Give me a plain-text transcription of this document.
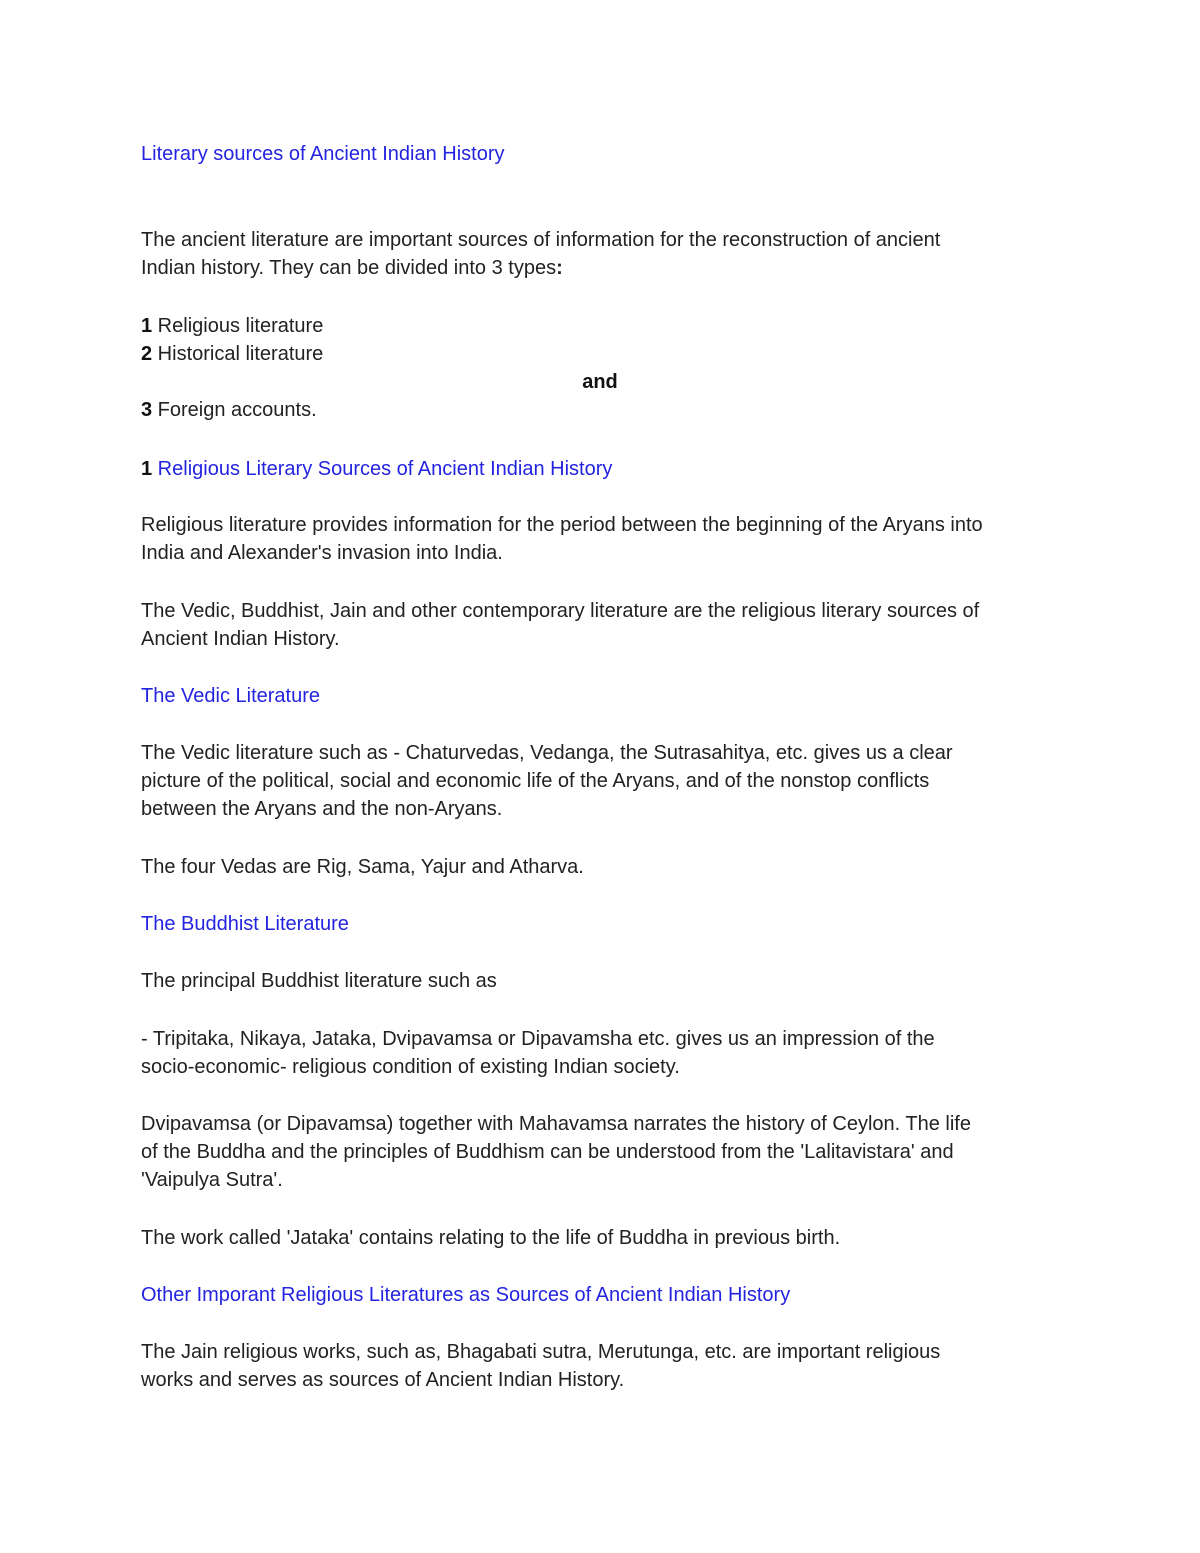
Literary sources of Ancient Indian History
The ancient literature are important sources of information for the reconstruction of ancient
Indian history. They can be divided into 3 types:
1 Religious literature
2 Historical literature
and
3 Foreign accounts.
1 Religious Literary Sources of Ancient Indian History
Religious literature provides information for the period between the beginning of the Aryans into
India and Alexander's invasion into India.
The Vedic, Buddhist, Jain and other contemporary literature are the religious literary sources of
Ancient Indian History.
The Vedic Literature
The Vedic literature such as - Chaturvedas, Vedanga, the Sutrasahitya, etc. gives us a clear
picture of the political, social and economic life of the Aryans, and of the nonstop conflicts
between the Aryans and the non-Aryans.
The four Vedas are Rig, Sama, Yajur and Atharva.
The Buddhist Literature
The principal Buddhist literature such as
- Tripitaka, Nikaya, Jataka, Dvipavamsa or Dipavamsha etc. gives us an impression of the
socio-economic- religious condition of existing Indian society.
Dvipavamsa (or Dipavamsa) together with Mahavamsa narrates the history of Ceylon. The life
of the Buddha and the principles of Buddhism can be understood from the 'Lalitavistara' and
'Vaipulya Sutra'.
The work called 'Jataka' contains relating to the life of Buddha in previous birth.
Other Imporant Religious Literatures as Sources of Ancient Indian History
The Jain religious works, such as, Bhagabati sutra, Merutunga, etc. are important religious
works and serves as sources of Ancient Indian History.
